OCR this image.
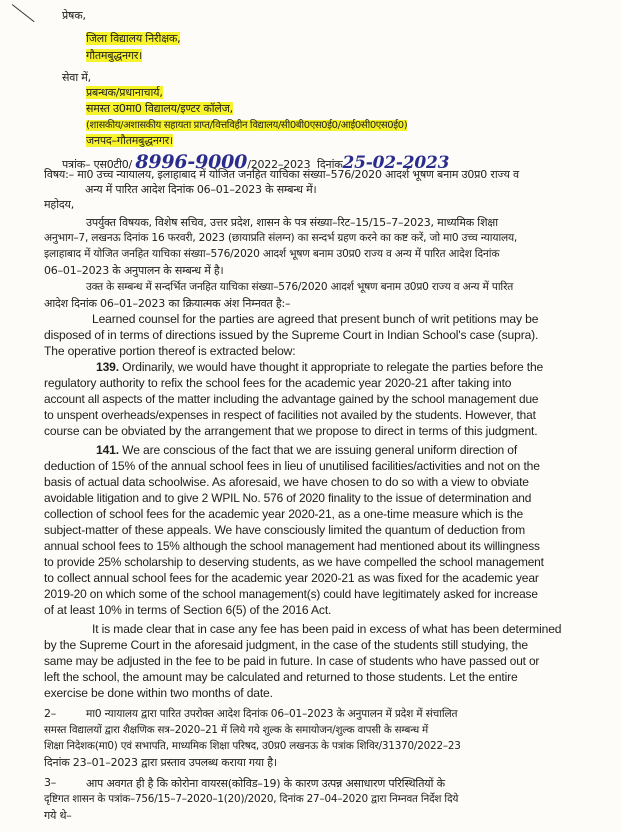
प्रेषक,
जिला विद्यालय निरीक्षक,
गौतमबुद्धनगर।
सेवा में,
प्रबन्धक/प्रधानाचार्य,
समस्त उ0मा0 विद्यालय/इण्टर कॉलेज,
(शासकीय/अशासकीय सहायता प्राप्त/वित्तविहीन विद्यालय/सी0बी0एस0ई0/आई0सी0एस0ई0)
जनपद–गौतमबुद्धनगर।
पत्रांक– एस0टी0/ 8996-9000/2022–2023 दिनांक25-02-2023
विषय:– मा0 उच्च न्यायालय, इलाहाबाद में योजित जनहित याचिका संख्या–576/2020 आदर्श भूषण बनाम उ0प्र0 राज्य व
अन्य में पारित आदेश दिनांक 06–01–2023 के सम्बन्ध में।
महोदय,
उपर्युक्त विषयक, विशेष सचिव, उत्तर प्रदेश, शासन के पत्र संख्या–रिट–15/15–7–2023, माध्यमिक शिक्षा
अनुभाग–7, लखनऊ दिनांक 16 फरवरी, 2023 (छायाप्रति संलग्न) का सन्दर्भ ग्रहण करने का कष्ट करें, जो मा0 उच्च न्यायालय,
इलाहाबाद में योजित जनहित याचिका संख्या–576/2020 आदर्श भूषण बनाम उ0प्र0 राज्य व अन्य में पारित आदेश दिनांक
06–01–2023 के अनुपालन के सम्बन्ध में है।
उक्त के सम्बन्ध में सन्दर्भित जनहित याचिका संख्या–576/2020 आदर्श भूषण बनाम उ0प्र0 राज्य व अन्य में पारित
आदेश दिनांक 06–01–2023 का क्रियात्मक अंश निम्नवत है:–
Learned counsel for the parties are agreed that present bunch of writ petitions may be
disposed of in terms of directions issued by the Supreme Court in Indian School's case (supra).
The operative portion thereof is extracted below:
139. Ordinarily, we would have thought it appropriate to relegate the parties before the
regulatory authority to refix the school fees for the academic year 2020-21 after taking into
account all aspects of the matter including the advantage gained by the school management due
to unspent overheads/expenses in respect of facilities not availed by the students. However, that
course can be obviated by the arrangement that we propose to direct in terms of this judgment.
141. We are conscious of the fact that we are issuing general uniform direction of
deduction of 15% of the annual school fees in lieu of unutilised facilities/activities and not on the
basis of actual data schoolwise. As aforesaid, we have chosen to do so with a view to obviate
avoidable litigation and to give 2 WPIL No. 576 of 2020 finality to the issue of determination and
collection of school fees for the academic year 2020-21, as a one-time measure which is the
subject-matter of these appeals. We have consciously limited the quantum of deduction from
annual school fees to 15% although the school management had mentioned about its willingness
to provide 25% scholarship to deserving students, as we have compelled the school management
to collect annual school fees for the academic year 2020-21 as was fixed for the academic year
2019-20 on which some of the school management(s) could have legitimately asked for increase
of at least 10% in terms of Section 6(5) of the 2016 Act.
It is made clear that in case any fee has been paid in excess of what has been determined
by the Supreme Court in the aforesaid judgment, in the case of the students still studying, the
same may be adjusted in the fee to be paid in future. In case of students who have passed out or
left the school, the amount may be calculated and returned to those students. Let the entire
exercise be done within two months of date.
2–	मा0 न्यायालय द्वारा पारित उपरोक्त आदेश दिनांक 06–01–2023 के अनुपालन में प्रदेश में संचालित
समस्त विद्यालयों द्वारा शैक्षणिक सत्र–2020–21 में लिये गये शुल्क के समायोजन/शुल्क वापसी के सम्बन्ध में
शिक्षा निदेशक(मा0) एवं सभापति, माध्यमिक शिक्षा परिषद, उ0प्र0 लखनऊ के पत्रांक शिविर/31370/2022–23
दिनांक 23–01–2023 द्वारा प्रस्ताव उपलब्ध कराया गया है।
3–	आप अवगत ही है कि कोरोना वायरस(कोविड–19) के कारण उत्पन्न असाधारण परिस्थितियों के
दृष्टिगत शासन के पत्रांक–756/15–7–2020–1(20)/2020, दिनांक 27–04–2020 द्वारा निम्नवत निर्देश दिये
गये थे–
